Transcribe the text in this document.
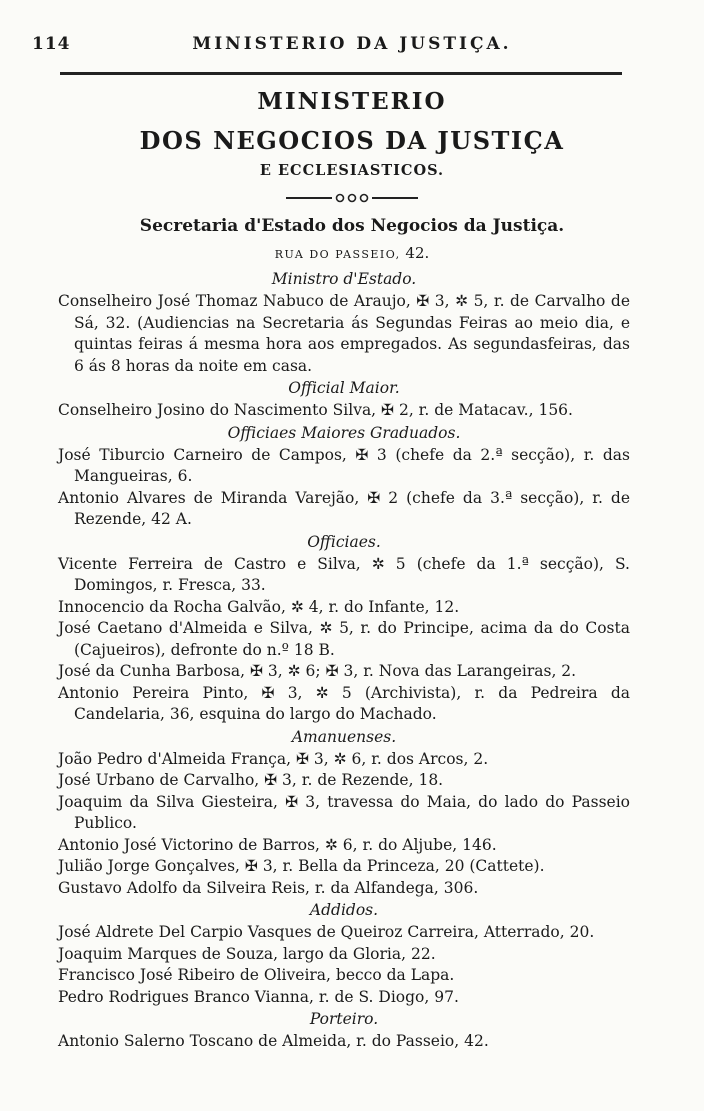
114	MINISTERIO DA JUSTIÇA.
MINISTERIO
DOS NEGOCIOS DA JUSTIÇA
E ECCLESIASTICOS.
Secretaria d'Estado dos Negocios da Justiça.
RUA DO PASSEIO, 42.
Ministro d'Estado.
Conselheiro José Thomaz Nabuco de Araujo, ✠ 3, ✲ 5, r. de Carvalho de Sá, 32. (Audiencias na Secretaria ás Segundas Feiras ao meio dia, e quintas feiras á mesma hora aos empregados. As segundasfeiras, das 6 ás 8 horas da noite em casa.
Official Maior.
Conselheiro Josino do Nascimento Silva, ✠ 2, r. de Matacav., 156.
Officiaes Maiores Graduados.
José Tiburcio Carneiro de Campos, ✠ 3 (chefe da 2.ª secção), r. das Mangueiras, 6.
Antonio Alvares de Miranda Varejão, ✠ 2 (chefe da 3.ª secção), r. de Rezende, 42 A.
Officiaes.
Vicente Ferreira de Castro e Silva, ✲ 5 (chefe da 1.ª secção), S. Domingos, r. Fresca, 33.
Innocencio da Rocha Galvão, ✲ 4, r. do Infante, 12.
José Caetano d'Almeida e Silva, ✲ 5, r. do Principe, acima da do Costa (Cajueiros), defronte do n.º 18 B.
José da Cunha Barbosa, ✠ 3, ✲ 6; ✠ 3, r. Nova das Larangeiras, 2.
Antonio Pereira Pinto, ✠ 3, ✲ 5 (Archivista), r. da Pedreira da Candelaria, 36, esquina do largo do Machado.
Amanuenses.
João Pedro d'Almeida França, ✠ 3, ✲ 6, r. dos Arcos, 2.
José Urbano de Carvalho, ✠ 3, r. de Rezende, 18.
Joaquim da Silva Giesteira, ✠ 3, travessa do Maia, do lado do Passeio Publico.
Antonio José Victorino de Barros, ✲ 6, r. do Aljube, 146.
Julião Jorge Gonçalves, ✠ 3, r. Bella da Princeza, 20 (Cattete).
Gustavo Adolfo da Silveira Reis, r. da Alfandega, 306.
Addidos.
José Aldrete Del Carpio Vasques de Queiroz Carreira, Atterrado, 20.
Joaquim Marques de Souza, largo da Gloria, 22.
Francisco José Ribeiro de Oliveira, becco da Lapa.
Pedro Rodrigues Branco Vianna, r. de S. Diogo, 97.
Porteiro.
Antonio Salerno Toscano de Almeida, r. do Passeio, 42.
